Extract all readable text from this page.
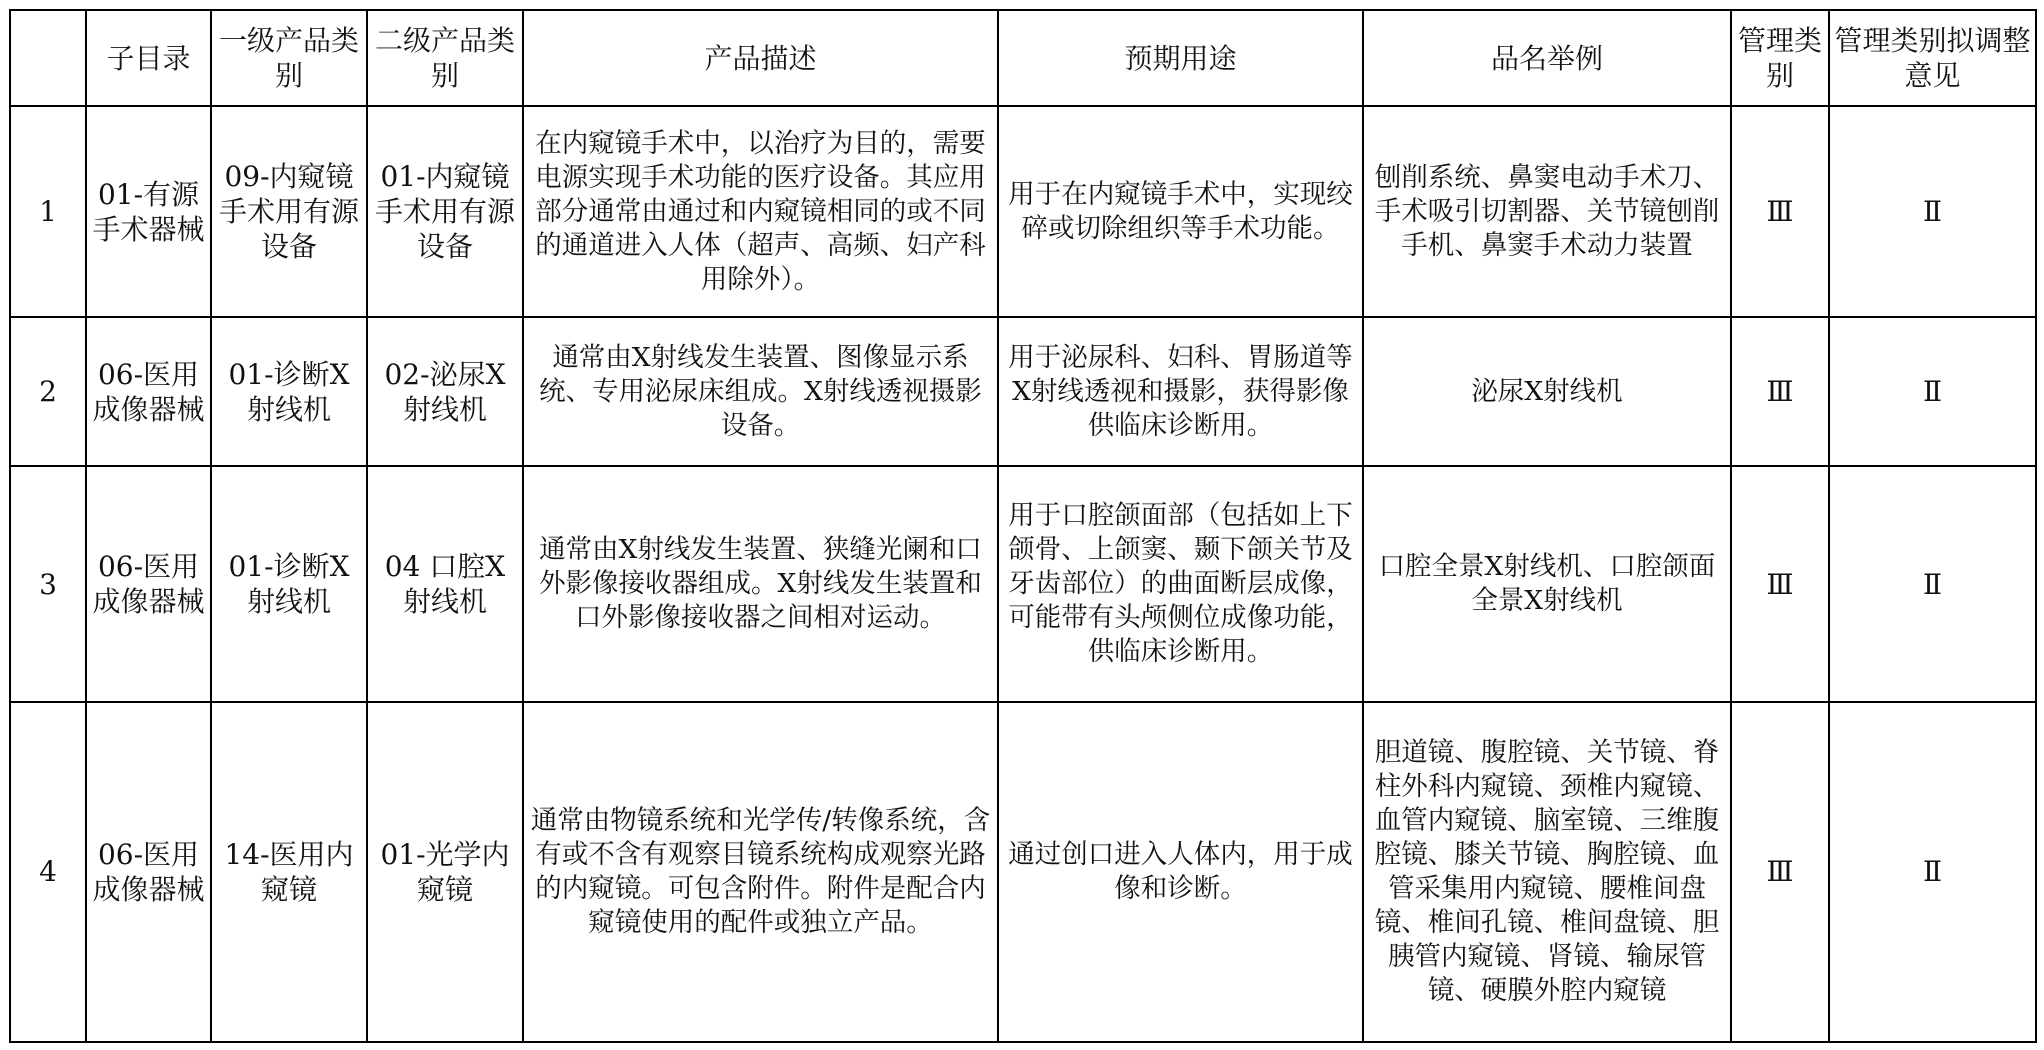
	子目录	一级产品类别	二级产品类别	产品描述	预期用途	品名举例	管理类别	管理类别拟调整意见
1	01-有源手术器械	09-内窥镜手术用有源设备	01-内窥镜手术用有源设备	在内窥镜手术中，以治疗为目的，需要电源实现手术功能的医疗设备。其应用部分通常由通过和内窥镜相同的或不同的通道进入人体（超声、高频、妇产科用除外）。	用于在内窥镜手术中，实现绞碎或切除组织等手术功能。	刨削系统、鼻窦电动手术刀、手术吸引切割器、关节镜刨削手机、鼻窦手术动力装置	Ⅲ	Ⅱ
2	06-医用成像器械	01-诊断X射线机	02-泌尿X射线机	通常由X射线发生装置、图像显示系统、专用泌尿床组成。X射线透视摄影设备。	用于泌尿科、妇科、胃肠道等X射线透视和摄影，获得影像供临床诊断用。	泌尿X射线机	Ⅲ	Ⅱ
3	06-医用成像器械	01-诊断X射线机	04 口腔X射线机	通常由X射线发生装置、狭缝光阑和口外影像接收器组成。X射线发生装置和口外影像接收器之间相对运动。	用于口腔颌面部（包括如上下颌骨、上颌窦、颞下颌关节及牙齿部位）的曲面断层成像，可能带有头颅侧位成像功能，供临床诊断用。	口腔全景X射线机、口腔颌面全景X射线机	Ⅲ	Ⅱ
4	06-医用成像器械	14-医用内窥镜	01-光学内窥镜	通常由物镜系统和光学传/转像系统，含有或不含有观察目镜系统构成观察光路的内窥镜。可包含附件。附件是配合内窥镜使用的配件或独立产品。	通过创口进入人体内，用于成像和诊断。	胆道镜、腹腔镜、关节镜、脊柱外科内窥镜、颈椎内窥镜、血管内窥镜、脑室镜、三维腹腔镜、膝关节镜、胸腔镜、血管采集用内窥镜、腰椎间盘镜、椎间孔镜、椎间盘镜、胆胰管内窥镜、肾镜、输尿管镜、硬膜外腔内窥镜	Ⅲ	Ⅱ
